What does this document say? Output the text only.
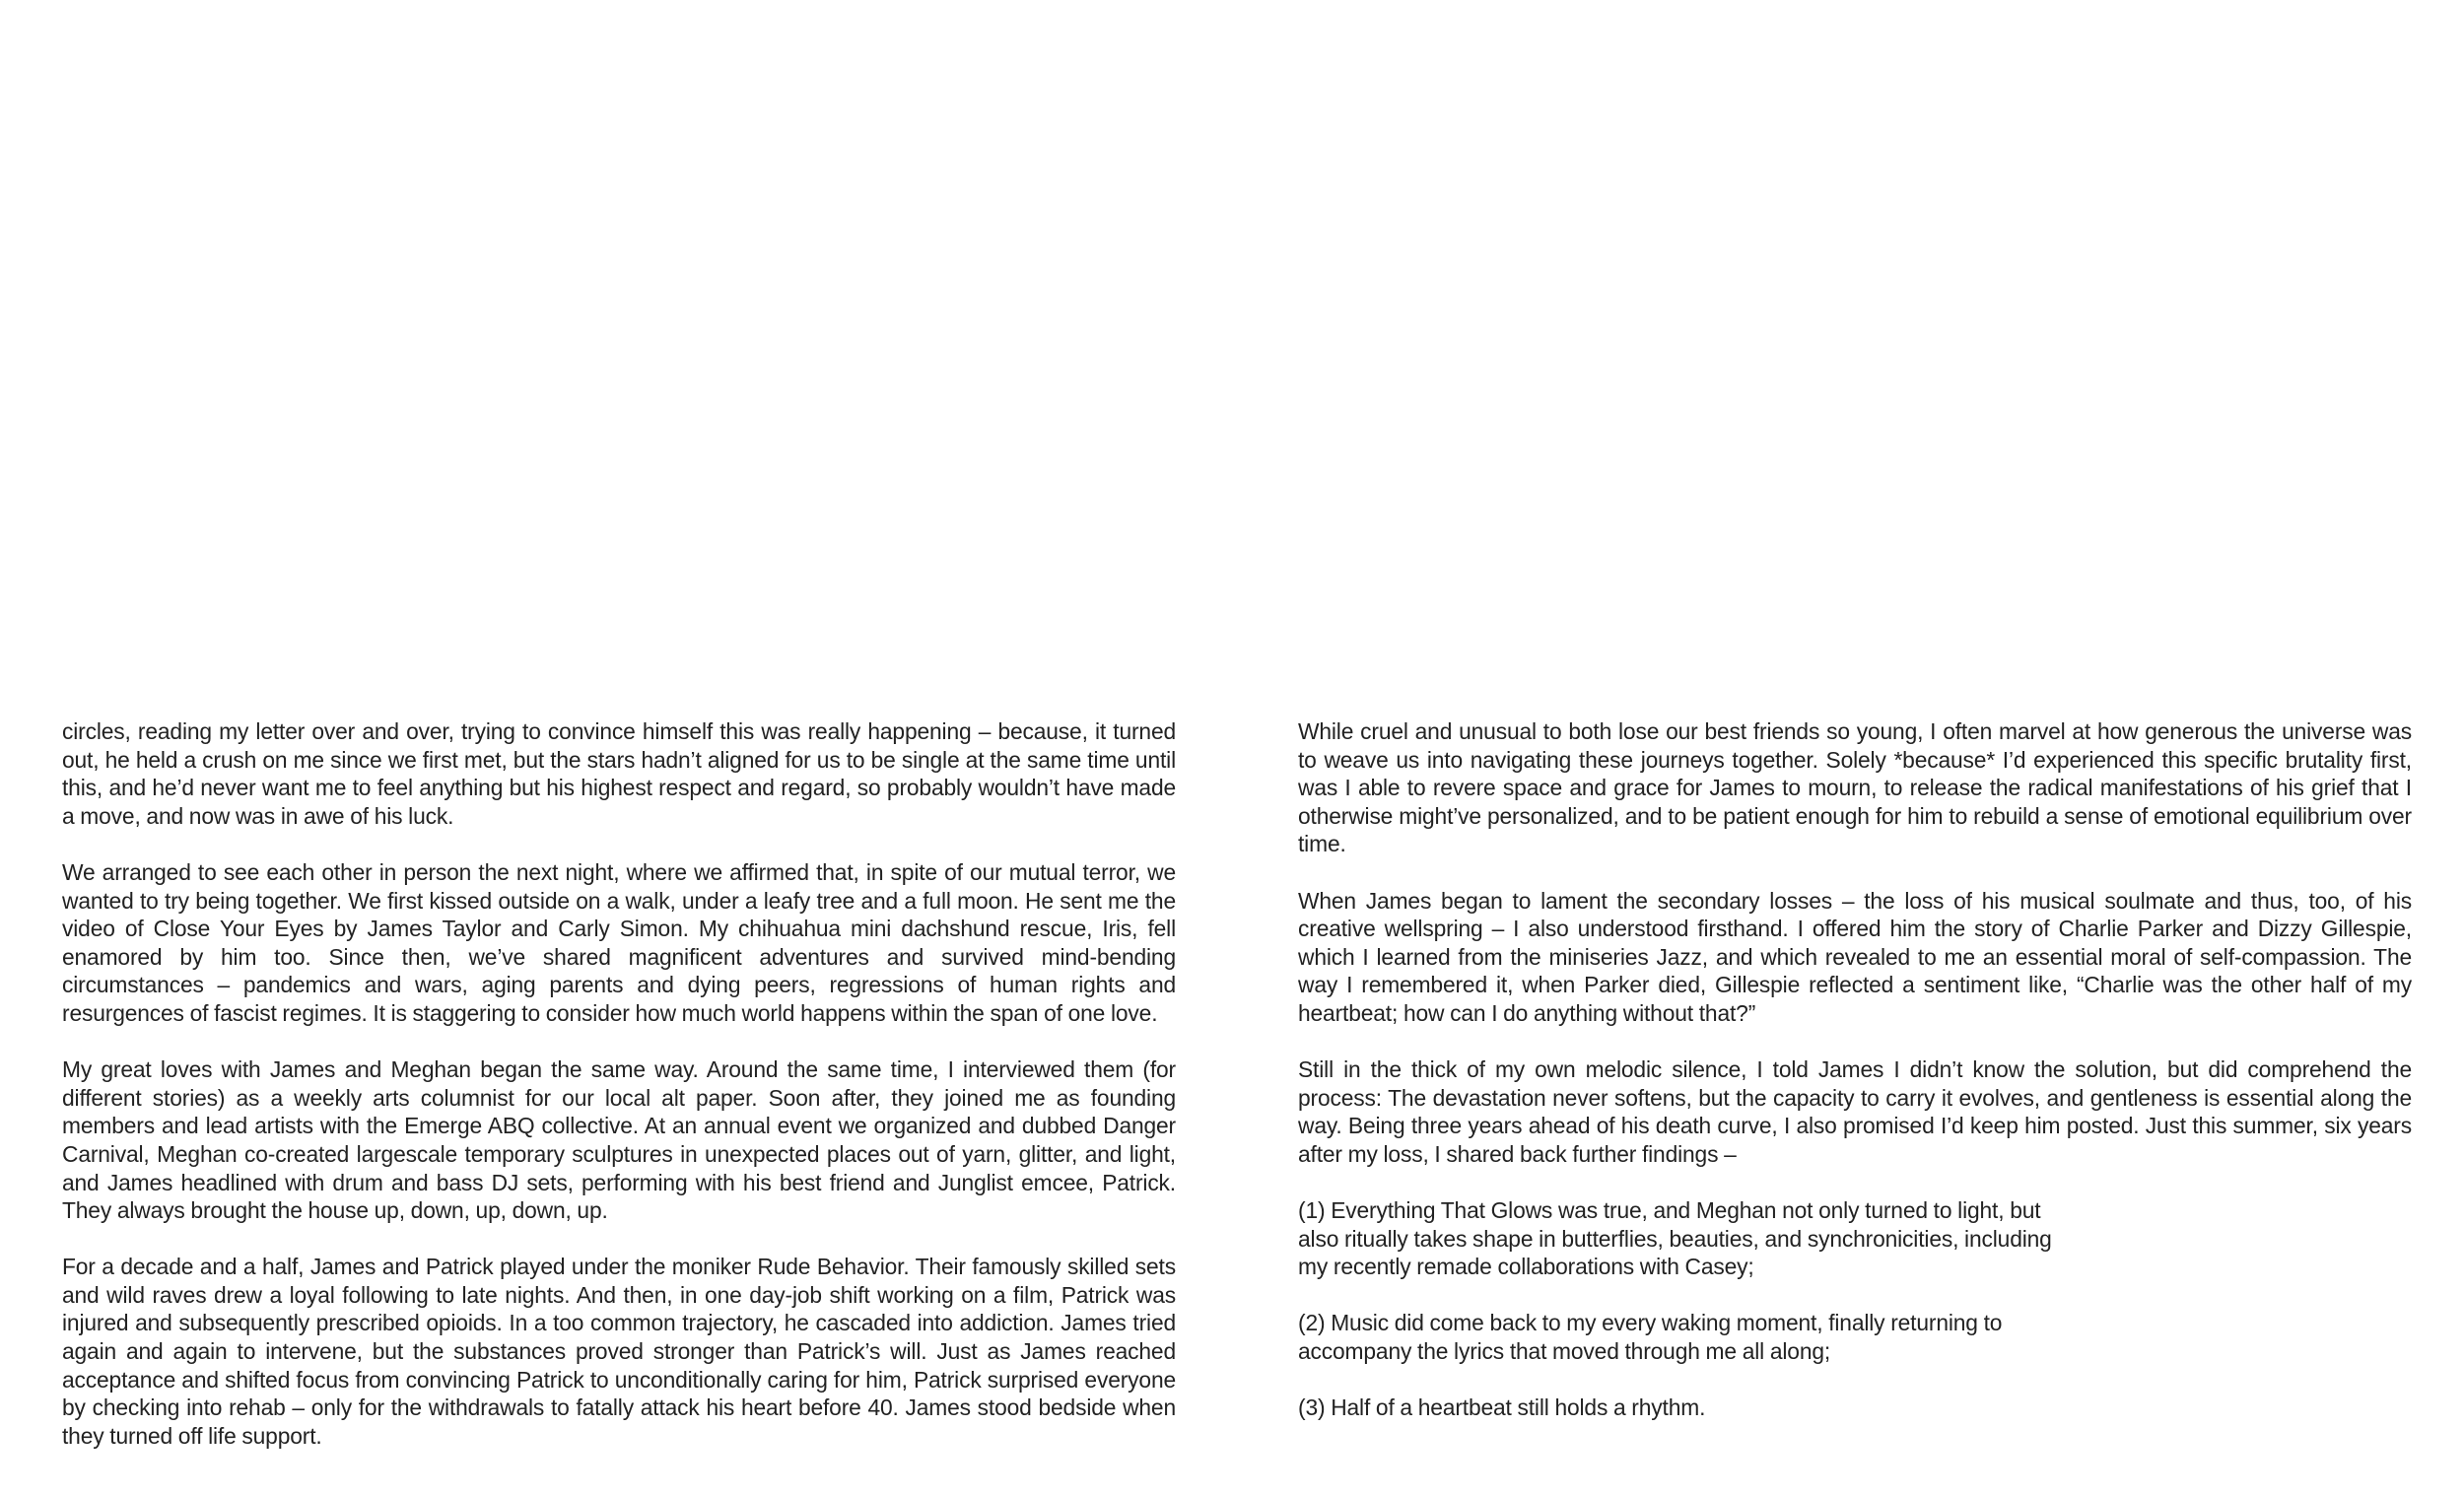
circles, reading my letter over and over, trying to convince himself this was really happening – because, it turned out, he held a crush on me since we first met, but the stars hadn’t aligned for us to be single at the same time until this, and he’d never want me to feel anything but his highest respect and regard, so probably wouldn’t have made a move, and now was in awe of his luck.

We arranged to see each other in person the next night, where we affirmed that, in spite of our mutual terror, we wanted to try being together. We first kissed outside on a walk, under a leafy tree and a full moon. He sent me the video of Close Your Eyes by James Taylor and Carly Simon. My chihuahua mini dachshund rescue, Iris, fell enamored by him too. Since then, we’ve shared magnificent adventures and survived mind-bending circumstances – pandemics and wars, aging parents and dying peers, regressions of human rights and resurgences of fascist regimes. It is staggering to consider how much world happens within the span of one love.

My great loves with James and Meghan began the same way. Around the same time, I interviewed them (for different stories) as a weekly arts columnist for our local alt paper. Soon after, they joined me as founding members and lead artists with the Emerge ABQ collective. At an annual event we organized and dubbed Danger Carnival, Meghan co-created largescale temporary sculptures in unexpected places out of yarn, glitter, and light, and James headlined with drum and bass DJ sets, performing with his best friend and Junglist emcee, Patrick. They always brought the house up, down, up, down, up.

For a decade and a half, James and Patrick played under the moniker Rude Behavior. Their famously skilled sets and wild raves drew a loyal following to late nights. And then, in one day-job shift working on a film, Patrick was injured and subsequently prescribed opioids. In a too common trajectory, he cascaded into addiction. James tried again and again to intervene, but the substances proved stronger than Patrick’s will. Just as James reached acceptance and shifted focus from convincing Patrick to unconditionally caring for him, Patrick surprised everyone by checking into rehab – only for the withdrawals to fatally attack his heart before 40. James stood bedside when they turned off life support.

While cruel and unusual to both lose our best friends so young, I often marvel at how generous the universe was to weave us into navigating these journeys together. Solely *because* I’d experienced this specific brutality first, was I able to revere space and grace for James to mourn, to release the radical manifestations of his grief that I otherwise might’ve personalized, and to be patient enough for him to rebuild a sense of emotional equilibrium over time.

When James began to lament the secondary losses – the loss of his musical soulmate and thus, too, of his creative wellspring – I also understood firsthand. I offered him the story of Charlie Parker and Dizzy Gillespie, which I learned from the miniseries Jazz, and which revealed to me an essential moral of self-compassion. The way I remembered it, when Parker died, Gillespie reflected a sentiment like, “Charlie was the other half of my heartbeat; how can I do anything without that?”

Still in the thick of my own melodic silence, I told James I didn’t know the solution, but did comprehend the process: The devastation never softens, but the capacity to carry it evolves, and gentleness is essential along the way. Being three years ahead of his death curve, I also promised I’d keep him posted. Just this summer, six years after my loss, I shared back further findings –

(1) Everything That Glows was true, and Meghan not only turned to light, but also ritually takes shape in butterflies, beauties, and synchronicities, including my recently remade collaborations with Casey;

(2) Music did come back to my every waking moment, finally returning to accompany the lyrics that moved through me all along;

(3) Half of a heartbeat still holds a rhythm.
